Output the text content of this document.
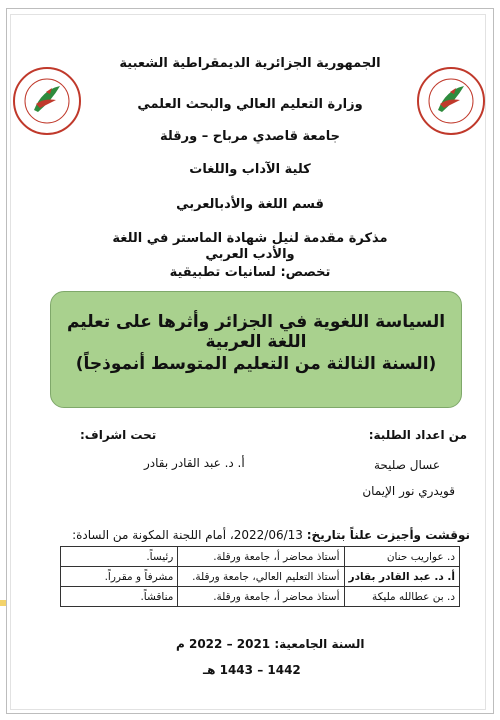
الجمهورية الجزائرية الديمقراطية الشعبية
وزارة التعليم العالي والبحث العلمي
جامعة قاصدي مرباح – ورقلة
كلية الآداب واللغات
قسم اللغة والأدبالعربي
مذكرة مقدمة لنيل شهادة الماستر في اللغة والأدب العربي
تخصص: لسانيات تطبيقية
السياسة اللغوية في الجزائر وأثرها على تعليم اللغة العربية
(السنة الثالثة من التعليم المتوسط أنموذجاً)
من اعداد الطلبة:
عسال صليحة
قويدري نور الإيمان
تحت اشراف:
أ. د. عبد القادر بقادر
نوقشت وأجيزت علناً بتاريخ: 2022/06/13، أمام اللجنة المكونة من السادة:
د. عواريب حنان	أستاذ محاضر أ، جامعة ورقلة.	رئيساً.
أ. د. عبد القادر بقادر	أستاذ التعليم العالي، جامعة ورقلة.	مشرفاً و مقرراً.
د. بن عطالله مليكة	أستاذ محاضر أ، جامعة ورقلة.	مناقشاً.
السنة الجامعية: 2021 – 2022 م
1442 – 1443 هـ
